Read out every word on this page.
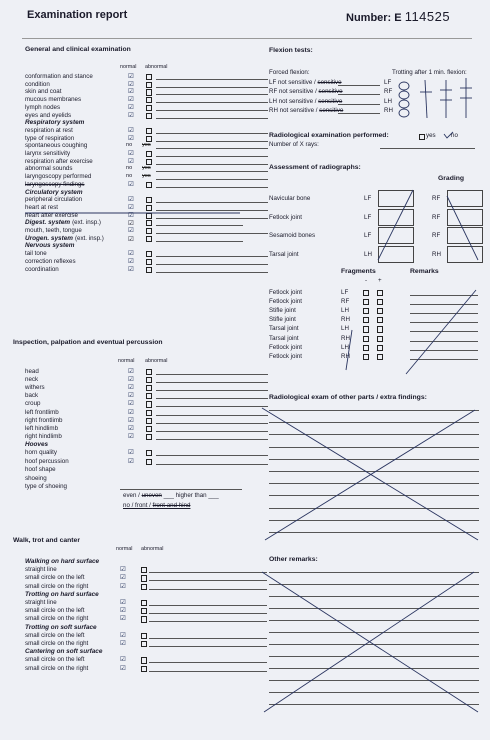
Examination report	Number: E 114525
General and clinical examination
normal abnormal
conformation and stance	☑
condition	☑
skin and coat	☑
mucous membranes	☑
lymph nodes	☑
eyes and eyelids	☑
Respiratory system
respiration at rest	☑
type of respiration	☑
spontaneous coughing	no yes
larynx sensitivity	☑
respiration after exercise	☑
abnormal sounds	no yes
laryngoscopy performed	no yes
laryngoscopy findings	☑
Circulatory system
peripheral circulation	☑
heart at rest	☑
heart after exercise	☑
Digest. system (ext. insp.)	☑
mouth, teeth, tongue	☑
Urogen. system (ext. insp.)	☑
Nervous system
tail tone	☑
correction reflexes	☑
coordination	☑
head	☑
neck	☑
withers	☑
back	☑
croup	☑
left frontlimb	☑
right frontlimb	☑
left hindlimb	☑
right hindlimb	☑
Hooves
horn quality	☑
hoof percussion	☑
hoof shape
shoeing
type of shoeing
Walking on hard surface
straight line	☑
small circle on the left	☑
small circle on the right	☑
Trotting on hard surface
straight line	☑
small circle on the left	☑
small circle on the right	☑
Trotting on soft surface
small circle on the left	☑
small circle on the right	☑
Cantering on soft surface
small circle on the left	☑
small circle on the right	☑
even / uneven ___ higher than ___
no / front / front and hind
Inspection, palpation and eventual percussion
normal abnormal
Walk, trot and canter
normal abnormal
Flexion tests:
Forced flexion:	Trotting after 1 min. flexion:
LF not sensitive / sensitive	LF
RF not sensitive / sensitive	RF
LH not sensitive / sensitive	LH
RH not sensitive / sensitive	RH
Radiological examination performed:	yes no
Number of X rays:
Assessment of radiographs:
Grading
Navicular bone	LF	RF
Fetlock joint	LF	RF
Sesamoid bones	LF	RF
Tarsal joint	LH	RH
Fragments	Remarks
- +
Fetlock joint	LF
Fetlock joint	RF
Stifle joint	LH
Stifle joint	RH
Tarsal joint	LH
Tarsal joint	RH
Fetlock joint	LH
Fetlock joint	RH
Radiological exam of other parts / extra findings:
Other remarks:
